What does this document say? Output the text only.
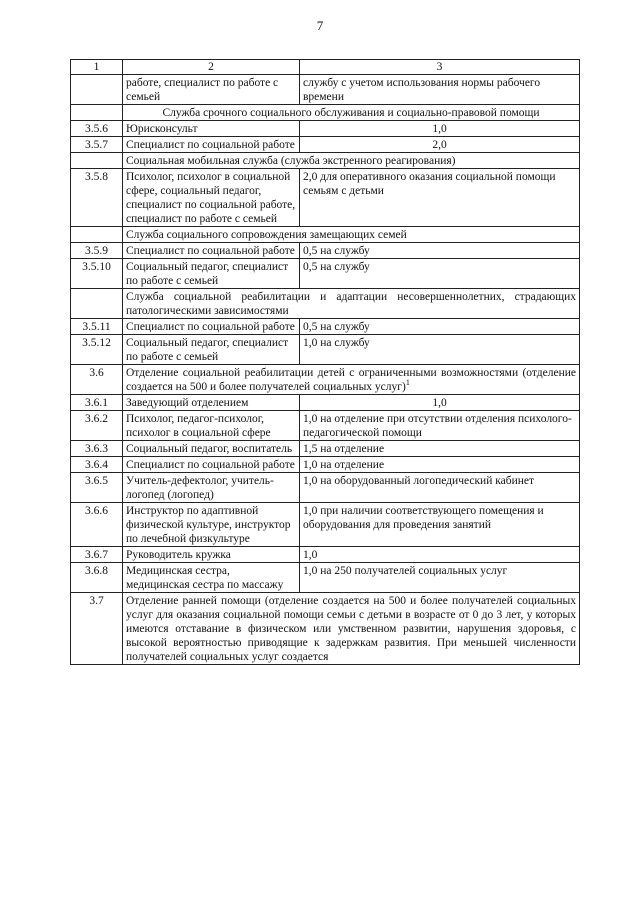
7
1	2	3
	работе, специалист по работе с семьей	службу с учетом использования нормы рабочего времени
	Служба срочного социального обслуживания и социально-правовой помощи	
3.5.6	Юрисконсульт	1,0
3.5.7	Специалист по социальной работе	2,0
	Социальная мобильная служба (служба экстренного реагирования)	
3.5.8	Психолог, психолог в социальной сфере, социальный педагог, специалист по социальной работе, специалист по работе с семьей	2,0 для оперативного оказания социальной помощи семьям с детьми
	Служба социального сопровождения замещающих семей	
3.5.9	Специалист по социальной работе	0,5 на службу
3.5.10	Социальный педагог, специалист по работе с семьей	0,5 на службу
	Служба социальной реабилитации и адаптации несовершеннолетних, страдающих патологическими зависимостями	
3.5.11	Специалист по социальной работе	0,5 на службу
3.5.12	Социальный педагог, специалист по работе с семьей	1,0 на службу
3.6	Отделение социальной реабилитации детей с ограниченными возможностями (отделение создается на 500 и более получателей социальных услуг)$^1$
3.6.1	Заведующий отделением	1,0
3.6.2	Психолог, педагог-психолог, психолог в социальной сфере	1,0 на отделение при отсутствии отделения психолого-педагогической помощи
3.6.3	Социальный педагог, воспитатель	1,5 на отделение
3.6.4	Специалист по социальной работе	1,0 на отделение
3.6.5	Учитель-дефектолог, учитель-логопед (логопед)	1,0 на оборудованный логопедический кабинет
3.6.6	Инструктор по адаптивной физической культуре, инструктор по лечебной физкультуре	1,0 при наличии соответствующего помещения и оборудования для проведения занятий
3.6.7	Руководитель кружка	1,0
3.6.8	Медицинская сестра, медицинская сестра по массажу	1,0 на 250 получателей социальных услуг
3.7	Отделение ранней помощи (отделение создается на 500 и более получателей социальных услуг для оказания социальной помощи семьи с детьми в возрасте от 0 до 3 лет, у которых имеются отставание в физическом или умственном развитии, нарушения здоровья, с высокой вероятностью приводящие к задержкам развития. При меньшей численности получателей социальных услуг создается	
